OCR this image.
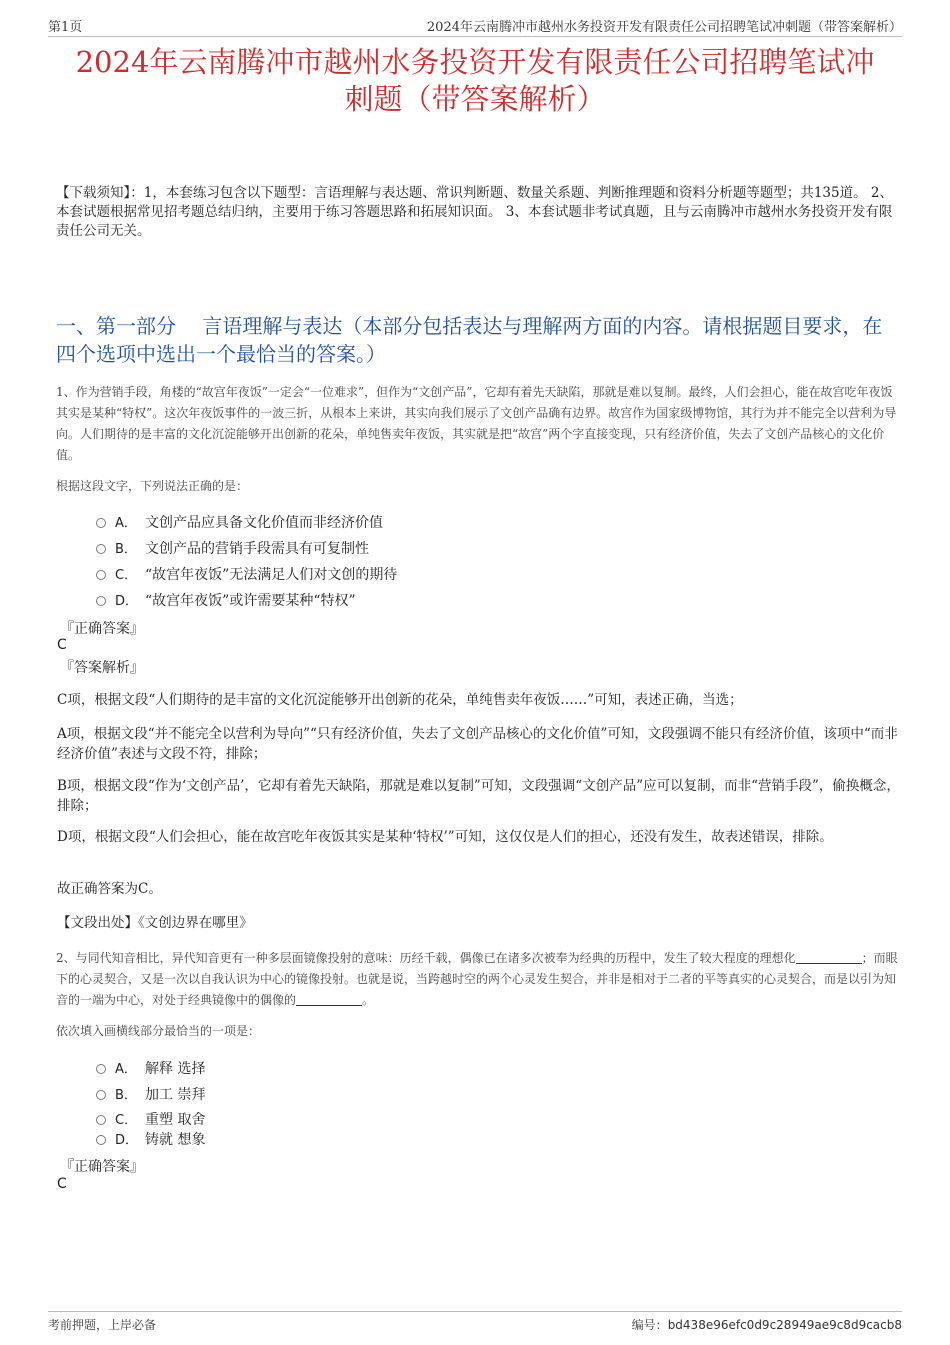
第1页	2024年云南腾冲市越州水务投资开发有限责任公司招聘笔试冲刺题（带答案解析）
2024年云南腾冲市越州水务投资开发有限责任公司招聘笔试冲
刺题（带答案解析）

【下载须知】：1，本套练习包含以下题型：言语理解与表达题、常识判断题、数量关系题、判断推理题和资料分析题等题型；共135道。 2、本套试题根据常见招考题总结归纳，主要用于练习答题思路和拓展知识面。 3、本套试题非考试真题，且与云南腾冲市越州水务投资开发有限责任公司无关。

一、第一部分　 言语理解与表达（本部分包括表达与理解两方面的内容。请根据题目要求，在四个选项中选出一个最恰当的答案。）

1、作为营销手段，角楼的“故宫年夜饭”一定会“一位难求”，但作为“文创产品”，它却有着先天缺陷，那就是难以复制。最终，人们会担心，能在故宫吃年夜饭其实是某种“特权”。这次年夜饭事件的一波三折，从根本上来讲，其实向我们展示了文创产品确有边界。故宫作为国家级博物馆，其行为并不能完全以营利为导向。人们期待的是丰富的文化沉淀能够开出创新的花朵，单纯售卖年夜饭，其实就是把“故宫”两个字直接变现，只有经济价值，失去了文创产品核心的文化价值。

根据这段文字，下列说法正确的是：

A． 文创产品应具备文化价值而非经济价值
B． 文创产品的营销手段需具有可复制性
C． “故宫年夜饭”无法满足人们对文创的期待
D． “故宫年夜饭”或许需要某种“特权”
『正确答案』
C
『答案解析』

C项，根据文段“人们期待的是丰富的文化沉淀能够开出创新的花朵，单纯售卖年夜饭……”可知，表述正确，当选；

A项，根据文段“并不能完全以营利为导向”“只有经济价值，失去了文创产品核心的文化价值”可知，文段强调不能只有经济价值，该项中“而非经济价值”表述与文段不符，排除；

B项，根据文段“作为‘文创产品’，它却有着先天缺陷，那就是难以复制”可知，文段强调“文创产品”应可以复制，而非“营销手段”，偷换概念，排除；

D项，根据文段“人们会担心，能在故宫吃年夜饭其实是某种‘特权’”可知，这仅仅是人们的担心，还没有发生，故表述错误，排除。

故正确答案为C。

【文段出处】《文创边界在哪里》

2、与同代知音相比，异代知音更有一种多层面镜像投射的意味：历经千载，偶像已在诸多次被奉为经典的历程中，发生了较大程度的理想化	；而眼下的心灵契合，又是一次以自我认识为中心的镜像投射。也就是说，当跨越时空的两个心灵发生契合，并非是相对于二者的平等真实的心灵契合，而是以引为知音的一端为中心，对处于经典镜像中的偶像的	。

依次填入画横线部分最恰当的一项是：

A． 解释 选择
B． 加工 崇拜
C． 重塑 取舍
D． 铸就 想象
『正确答案』
C
考前押题，上岸必备	编号：bd438e96efc0d9c28949ae9c8d9cacb8
